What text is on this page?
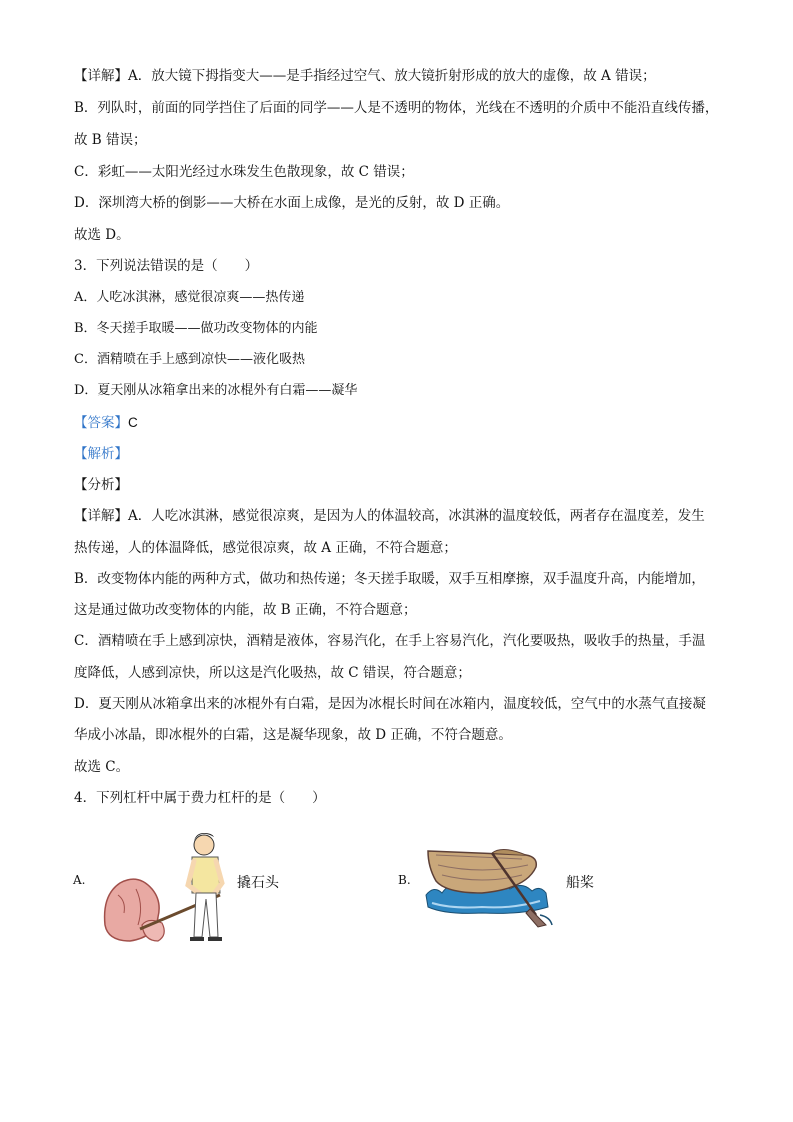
【详解】A．放大镜下拇指变大——是手指经过空气、放大镜折射形成的放大的虚像，故 A 错误；
B．列队时，前面的同学挡住了后面的同学——人是不透明的物体，光线在不透明的介质中不能沿直线传播，
故 B 错误；
C．彩虹——太阳光经过水珠发生色散现象，故 C 错误；
D．深圳湾大桥的倒影——大桥在水面上成像，是光的反射，故 D 正确。
故选 D。
3．下列说法错误的是（　　）
A．人吃冰淇淋，感觉很凉爽——热传递
B．冬天搓手取暖——做功改变物体的内能
C．酒精喷在手上感到凉快——液化吸热
D．夏天刚从冰箱拿出来的冰棍外有白霜——凝华
【答案】C
【解析】
【分析】
【详解】A．人吃冰淇淋，感觉很凉爽，是因为人的体温较高，冰淇淋的温度较低，两者存在温度差，发生
热传递，人的体温降低，感觉很凉爽，故 A 正确，不符合题意；
B．改变物体内能的两种方式，做功和热传递；冬天搓手取暖，双手互相摩擦，双手温度升高，内能增加，
这是通过做功改变物体的内能，故 B 正确，不符合题意；
C．酒精喷在手上感到凉快，酒精是液体，容易汽化，在手上容易汽化，汽化要吸热，吸收手的热量，手温
度降低，人感到凉快，所以这是汽化吸热，故 C 错误，符合题意；
D．夏天刚从冰箱拿出来的冰棍外有白霜，是因为冰棍长时间在冰箱内，温度较低，空气中的水蒸气直接凝
华成小冰晶，即冰棍外的白霜，这是凝华现象，故 D 正确，不符合题意。
故选 C。
4．下列杠杆中属于费力杠杆的是（　　）
A.	撬石头	B.	船桨
